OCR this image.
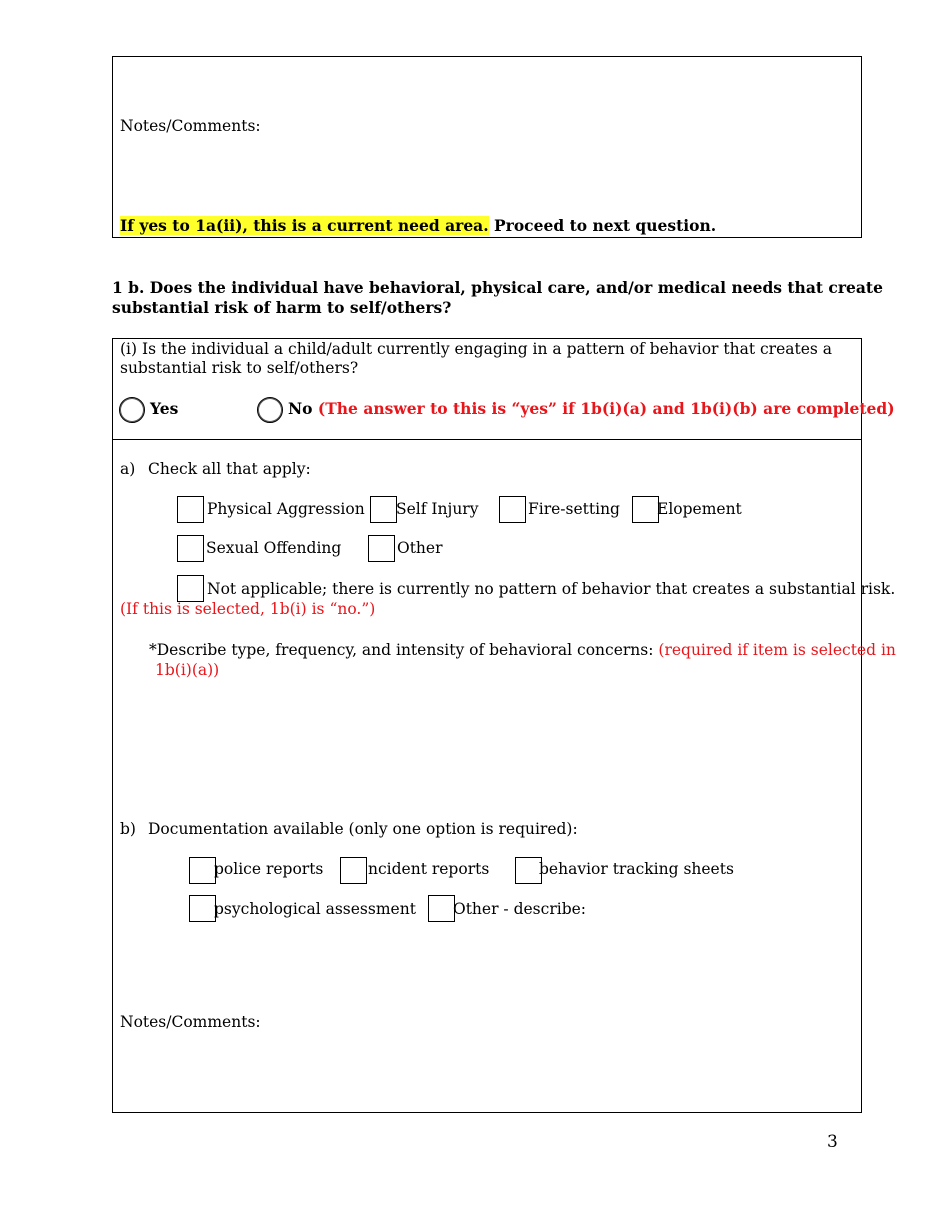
Notes/Comments:
If yes to 1a(ii), this is a current need area. Proceed to next question.
1 b. Does the individual have behavioral, physical care, and/or medical needs that create
substantial risk of harm to self/others?
(i) Is the individual a child/adult currently engaging in a pattern of behavior that creates a
substantial risk to self/others?
Yes	No (The answer to this is “yes” if 1b(i)(a) and 1b(i)(b) are completed)
a) Check all that apply:
Physical Aggression Self Injury	Fire-setting Elopement
Sexual Offending	Other
Not applicable; there is currently no pattern of behavior that creates a substantial risk.
(If this is selected, 1b(i) is “no.”)
*Describe type, frequency, and intensity of behavioral concerns: (required if item is selected in
1b(i)(a))
b) Documentation available (only one option is required):
police reports	ncident reports	behavior tracking sheets
psychological assessment Other - describe:
Notes/Comments:
3
